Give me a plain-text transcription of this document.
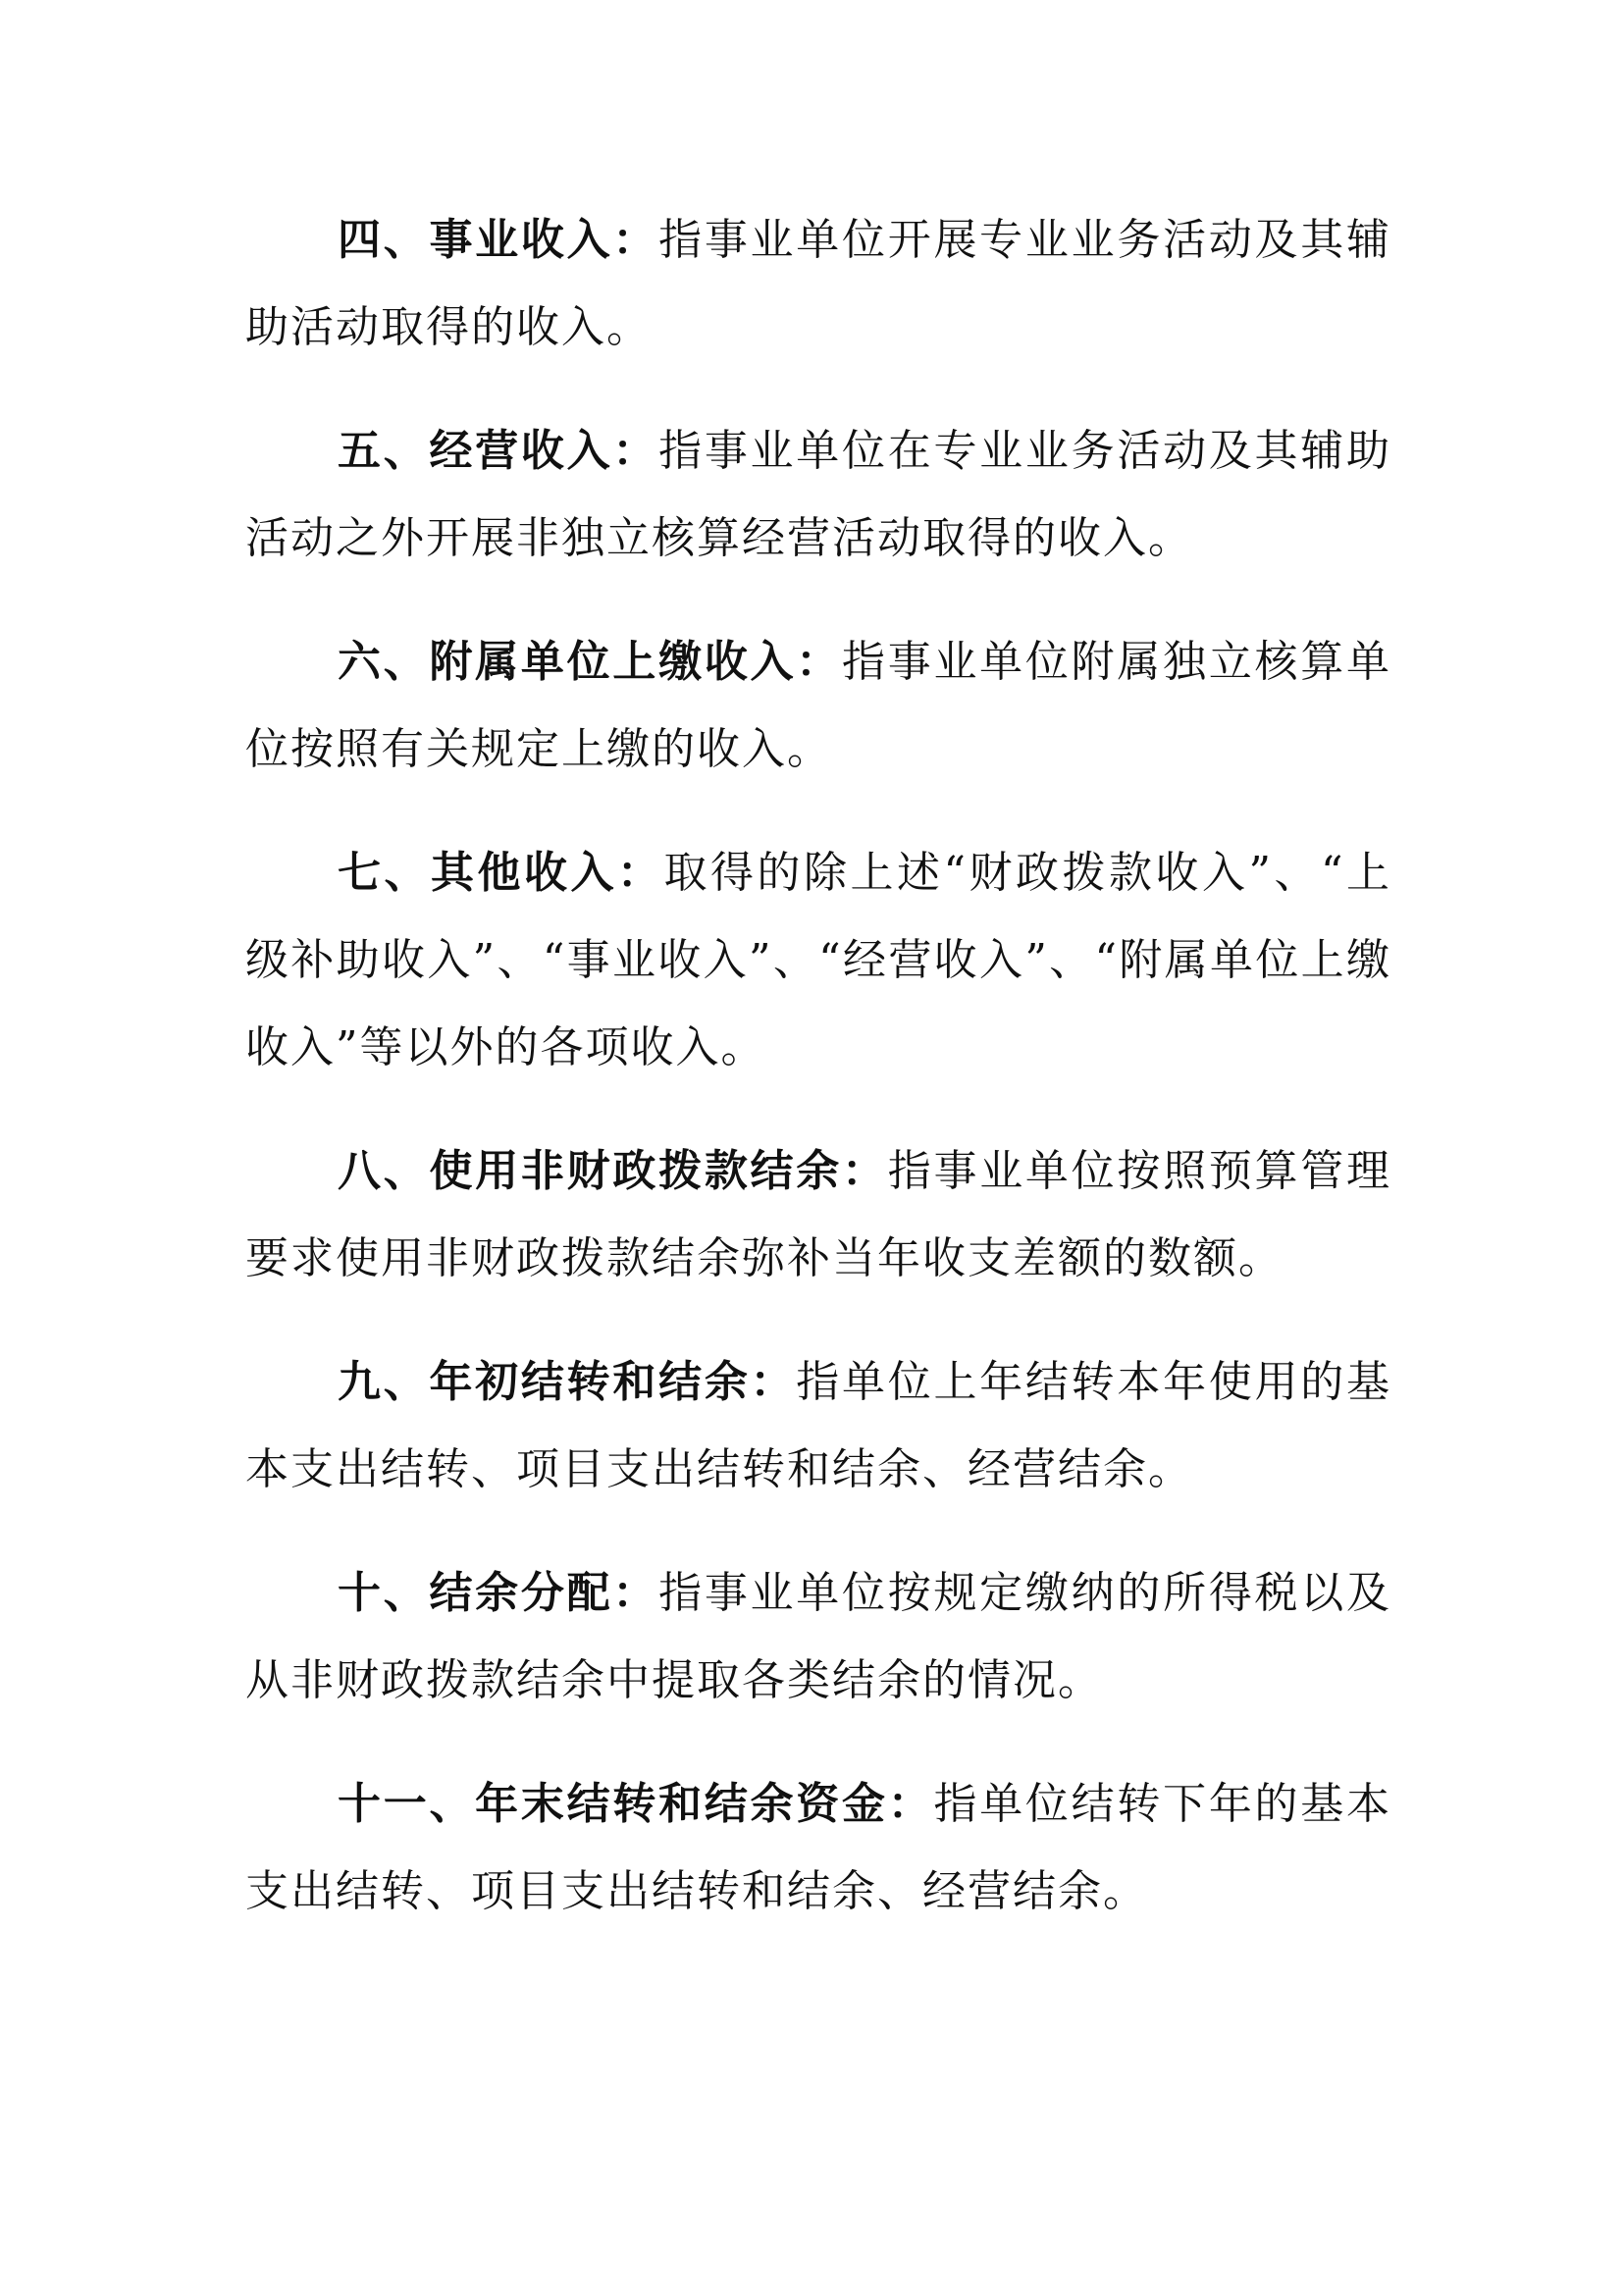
四、事业收入：指事业单位开展专业业务活动及其辅助活动取得的收入。

五、经营收入：指事业单位在专业业务活动及其辅助活动之外开展非独立核算经营活动取得的收入。

六、附属单位上缴收入：指事业单位附属独立核算单位按照有关规定上缴的收入。

七、其他收入：取得的除上述“财政拨款收入”、“上级补助收入”、“事业收入”、“经营收入”、“附属单位上缴收入”等以外的各项收入。

八、使用非财政拨款结余：指事业单位按照预算管理要求使用非财政拨款结余弥补当年收支差额的数额。

九、年初结转和结余：指单位上年结转本年使用的基本支出结转、项目支出结转和结余、经营结余。

十、结余分配：指事业单位按规定缴纳的所得税以及从非财政拨款结余中提取各类结余的情况。

十一、年末结转和结余资金：指单位结转下年的基本支出结转、项目支出结转和结余、经营结余。
